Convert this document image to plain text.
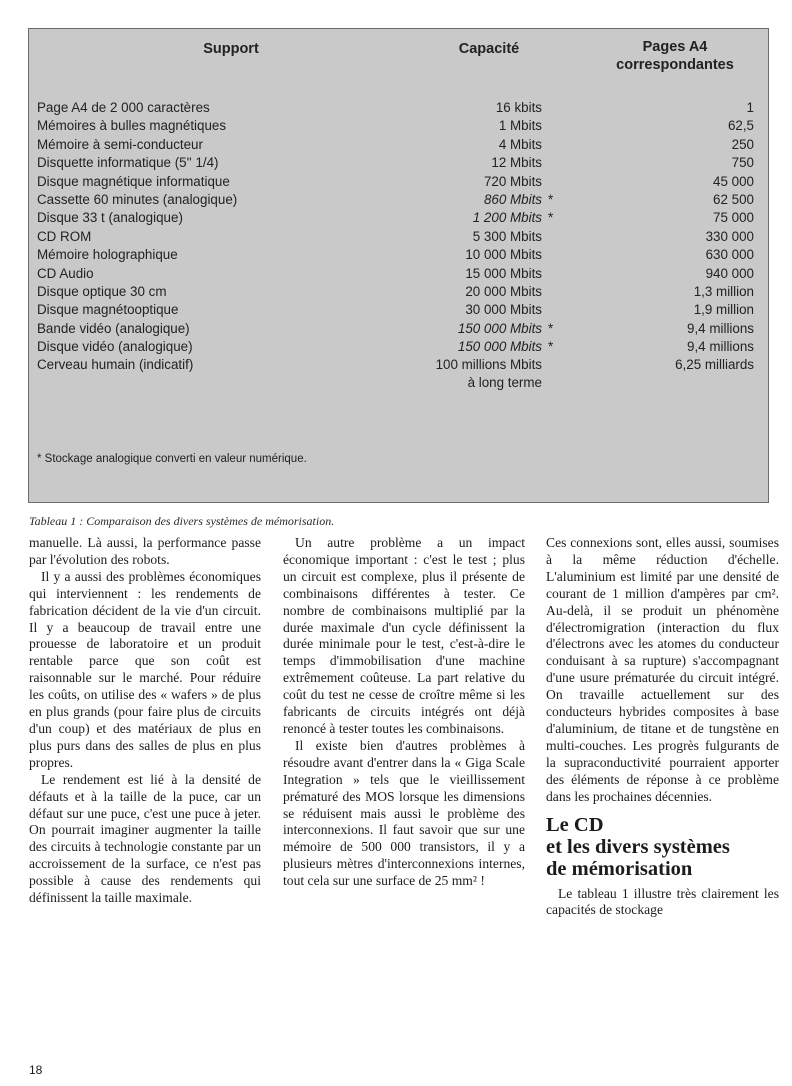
Support	Capacité	Pages A4
correspondantes
Page A4 de 2 000 caractères	16 kbits	1
Mémoires à bulles magnétiques	1 Mbits	62,5
Mémoire à semi-conducteur	4 Mbits	250
Disquette informatique (5'' 1/4)	12 Mbits	750
Disque magnétique informatique	720 Mbits	45 000
Cassette 60 minutes (analogique)	860 Mbits *	62 500
Disque 33 t (analogique)	1 200 Mbits *	75 000
CD ROM	5 300 Mbits	330 000
Mémoire holographique	10 000 Mbits	630 000
CD Audio	15 000 Mbits	940 000
Disque optique 30 cm	20 000 Mbits	1,3 million
Disque magnétooptique	30 000 Mbits	1,9 million
Bande vidéo (analogique)	150 000 Mbits *	9,4 millions
Disque vidéo (analogique)	150 000 Mbits *	9,4 millions
Cerveau humain (indicatif)	100 millions Mbits	6,25 milliards
à long terme
* Stockage analogique converti en valeur numérique.
Tableau 1 : Comparaison des divers systèmes de mémorisation.

manuelle. Là aussi, la performance passe par l'évolution des robots.

Il y a aussi des problèmes économiques qui interviennent : les rendements de fabrication décident de la vie d'un circuit. Il y a beaucoup de travail entre une prouesse de laboratoire et un produit rentable parce que son coût est raisonnable sur le marché. Pour réduire les coûts, on utilise des « wafers » de plus en plus grands (pour faire plus de circuits d'un coup) et des matériaux de plus en plus purs dans des salles de plus en plus propres.

Le rendement est lié à la densité de défauts et à la taille de la puce, car un défaut sur une puce, c'est une puce à jeter. On pourrait imaginer augmenter la taille des circuits à technologie constante par un accroissement de la surface, ce n'est pas possible à cause des rendements qui définissent la taille maximale.

Un autre problème a un impact économique important : c'est le test ; plus un circuit est complexe, plus il présente de combinaisons différentes à tester. Ce nombre de combinaisons multiplié par la durée maximale d'un cycle définissent la durée minimale pour le test, c'est-à-dire le temps d'immobilisation d'une machine extrêmement coûteuse. La part relative du coût du test ne cesse de croître même si les fabricants de circuits intégrés ont déjà renoncé à tester toutes les combinaisons.

Il existe bien d'autres problèmes à résoudre avant d'entrer dans la « Giga Scale Integration » tels que le vieillissement prématuré des MOS lorsque les dimensions se réduisent mais aussi le problème des interconnexions. Il faut savoir que sur une mémoire de 500 000 transistors, il y a plusieurs mètres d'interconnexions internes, tout cela sur une surface de 25 mm² !

Ces connexions sont, elles aussi, soumises à la même réduction d'échelle. L'aluminium est limité par une densité de courant de 1 million d'ampères par cm². Au-delà, il se produit un phénomène d'électromigration (interaction du flux d'électrons avec les atomes du conducteur conduisant à sa rupture) s'accompagnant d'une usure prématurée du circuit intégré. On travaille actuellement sur des conducteurs hybrides composites à base d'aluminium, de titane et de tungstène en multi-couches. Les progrès fulgurants de la supraconductivité pourraient apporter des éléments de réponse à ce problème dans les prochaines décennies.

Le CD
et les divers systèmes
de mémorisation

Le tableau 1 illustre très clairement les capacités de stockage

18
